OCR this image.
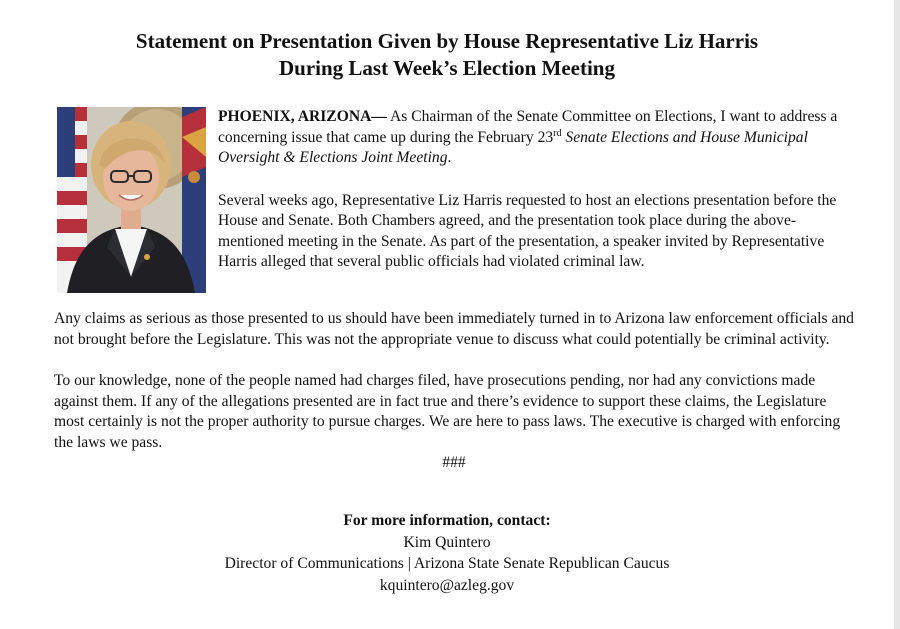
Statement on Presentation Given by House Representative Liz Harris
During Last Week’s Election Meeting

PHOENIX, ARIZONA— As Chairman of the Senate Committee on Elections, I want to address a concerning issue that came up during the February 23rd Senate Elections and House Municipal Oversight & Elections Joint Meeting.

Several weeks ago, Representative Liz Harris requested to host an elections presentation before the House and Senate. Both Chambers agreed, and the presentation took place during the above-mentioned meeting in the Senate. As part of the presentation, a speaker invited by Representative Harris alleged that several public officials had violated criminal law.

Any claims as serious as those presented to us should have been immediately turned in to Arizona law enforcement officials and not brought before the Legislature. This was not the appropriate venue to discuss what could potentially be criminal activity.

To our knowledge, none of the people named had charges filed, have prosecutions pending, nor had any convictions made against them. If any of the allegations presented are in fact true and there’s evidence to support these claims, the Legislature most certainly is not the proper authority to pursue charges. We are here to pass laws. The executive is charged with enforcing the laws we pass.

###

For more information, contact:
Kim Quintero
Director of Communications | Arizona State Senate Republican Caucus
kquintero@azleg.gov
